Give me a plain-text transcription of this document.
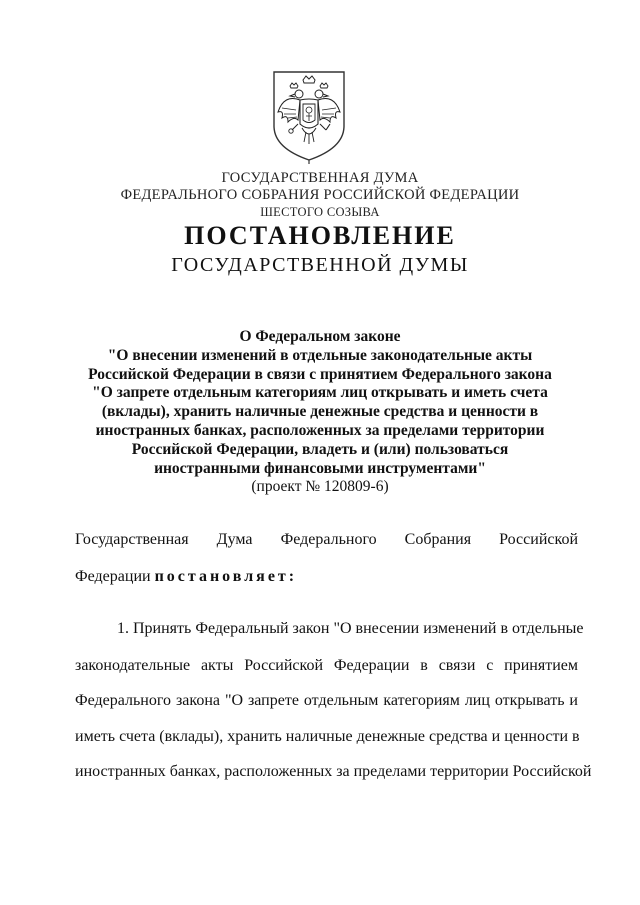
ГОСУДАРСТВЕННАЯ ДУМА
ФЕДЕРАЛЬНОГО СОБРАНИЯ РОССИЙСКОЙ ФЕДЕРАЦИИ
ШЕСТОГО СОЗЫВА
ПОСТАНОВЛЕНИЕ
ГОСУДАРСТВЕННОЙ ДУМЫ
О Федеральном законе
"О внесении изменений в отдельные законодательные акты
Российской Федерации в связи с принятием Федерального закона
"О запрете отдельным категориям лиц открывать и иметь счета
(вклады), хранить наличные денежные средства и ценности в
иностранных банках, расположенных за пределами территории
Российской Федерации, владеть и (или) пользоваться
иностранными финансовыми инструментами"
(проект № 120809-6)
Государственная Дума Федерального Собрания Российской
Федерации постановляет:
1. Принять Федеральный закон "О внесении изменений в отдельные
законодательные акты Российской Федерации в связи с принятием
Федерального закона "О запрете отдельным категориям лиц открывать и
иметь счета (вклады), хранить наличные денежные средства и ценности в
иностранных банках, расположенных за пределами территории Российской
